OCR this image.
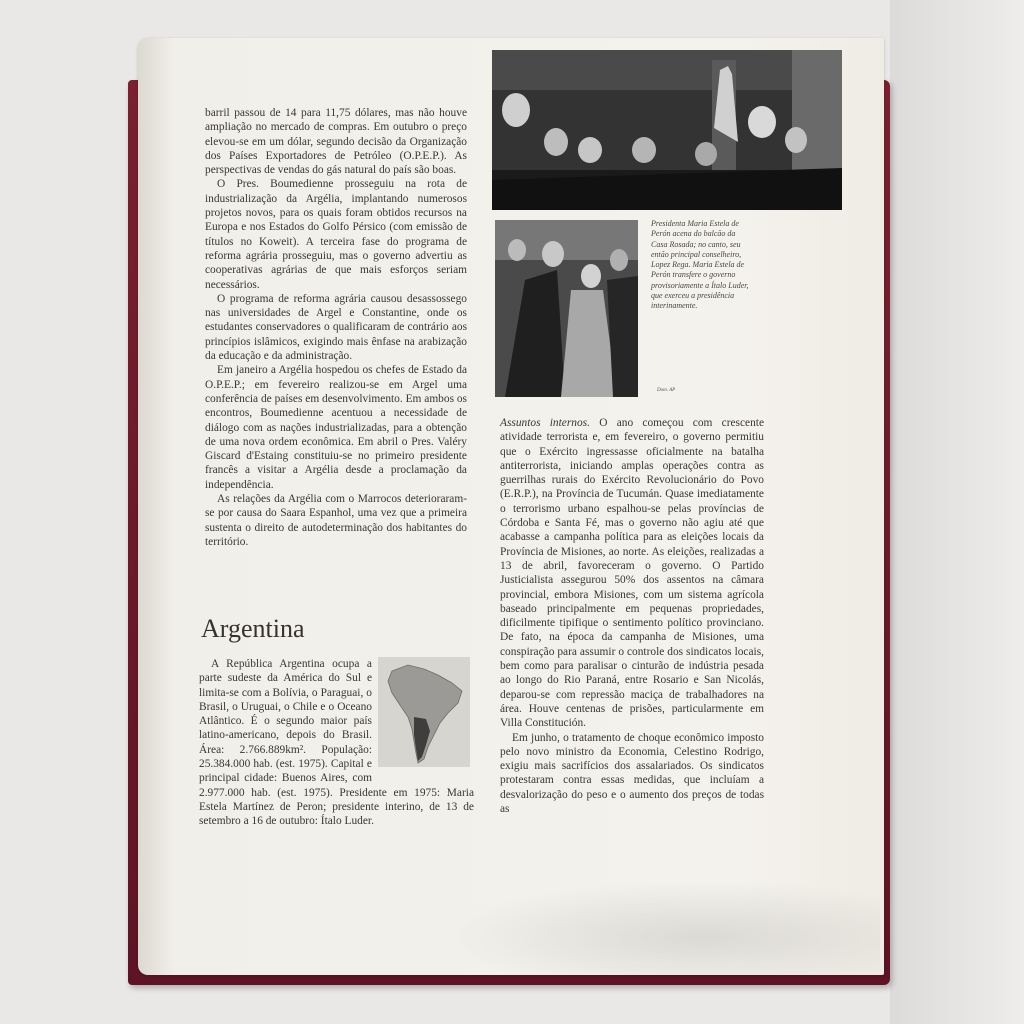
barril passou de 14 para 11,75 dólares, mas não houve ampliação no mercado de compras. Em outubro o preço elevou-se em um dólar, segundo decisão da Organização dos Países Exportadores de Petróleo (O.P.E.P.). As perspectivas de vendas do gás natural do país são boas.

O Pres. Boumedienne prosseguiu na rota de industrialização da Argélia, implantando numerosos projetos novos, para os quais foram obtidos recursos na Europa e nos Estados do Golfo Pérsico (com emissão de títulos no Koweit). A terceira fase do programa de reforma agrária prosseguiu, mas o governo advertiu as cooperativas agrárias de que mais esforços seriam necessários.

O programa de reforma agrária causou desassossego nas universidades de Argel e Constantine, onde os estudantes conservadores o qualificaram de contrário aos princípios islâmicos, exigindo mais ênfase na arabização da educação e da administração.

Em janeiro a Argélia hospedou os chefes de Estado da O.P.E.P.; em fevereiro realizou-se em Argel uma conferência de países em desenvolvimento. Em ambos os encontros, Boumedienne acentuou a necessidade de diálogo com as nações industrializadas, para a obtenção de uma nova ordem econômica. Em abril o Pres. Valéry Giscard d'Estaing constituiu-se no primeiro presidente francês a visitar a Argélia desde a proclamação da independência.

As relações da Argélia com o Marrocos deterioraram-se por causa do Saara Espanhol, uma vez que a primeira sustenta o direito de autodeterminação dos habitantes do território.

Argentina

A República Argentina ocupa a parte sudeste da América do Sul e limita-se com a Bolívia, o Paraguai, o Brasil, o Uruguai, o Chile e o Oceano Atlântico. É o segundo maior país latino-americano, depois do Brasil. Área: 2.766.889km². População: 25.384.000 hab. (est. 1975). Capital e principal cidade: Buenos Aires, com 2.977.000 hab. (est. 1975). Presidente em 1975: Maria Estela Martínez de Peron; presidente interino, de 13 de setembro a 16 de outubro: Ítalo Luder.

Presidenta Maria Estela de Perón acena do balcão da Casa Rosada; no canto, seu então principal conselheiro, Lopez Rega. Maria Estela de Perón transfere o governo provisoriamente a Ítalo Luder, que exerceu a presidência interinamente.

Dom. AP

Assuntos internos. O ano começou com crescente atividade terrorista e, em fevereiro, o governo permitiu que o Exército ingressasse oficialmente na batalha antiterrorista, iniciando amplas operações contra as guerrilhas rurais do Exército Revolucionário do Povo (E.R.P.), na Província de Tucumán. Quase imediatamente o terrorismo urbano espalhou-se pelas províncias de Córdoba e Santa Fé, mas o governo não agiu até que acabasse a campanha política para as eleições locais da Província de Misiones, ao norte. As eleições, realizadas a 13 de abril, favoreceram o governo. O Partido Justicialista assegurou 50% dos assentos na câmara provincial, embora Misiones, com um sistema agrícola baseado principalmente em pequenas propriedades, dificilmente tipifique o sentimento político provinciano. De fato, na época da campanha de Misiones, uma conspiração para assumir o controle dos sindicatos locais, bem como para paralisar o cinturão de indústria pesada ao longo do Rio Paraná, entre Rosario e San Nicolás, deparou-se com repressão maciça de trabalhadores na área. Houve centenas de prisões, particularmente em Villa Constitución.

Em junho, o tratamento de choque econômico imposto pelo novo ministro da Economia, Celestino Rodrigo, exigiu mais sacrifícios dos assalariados. Os sindicatos protestaram contra essas medidas, que incluíam a desvalorização do peso e o aumento dos preços de todas as
